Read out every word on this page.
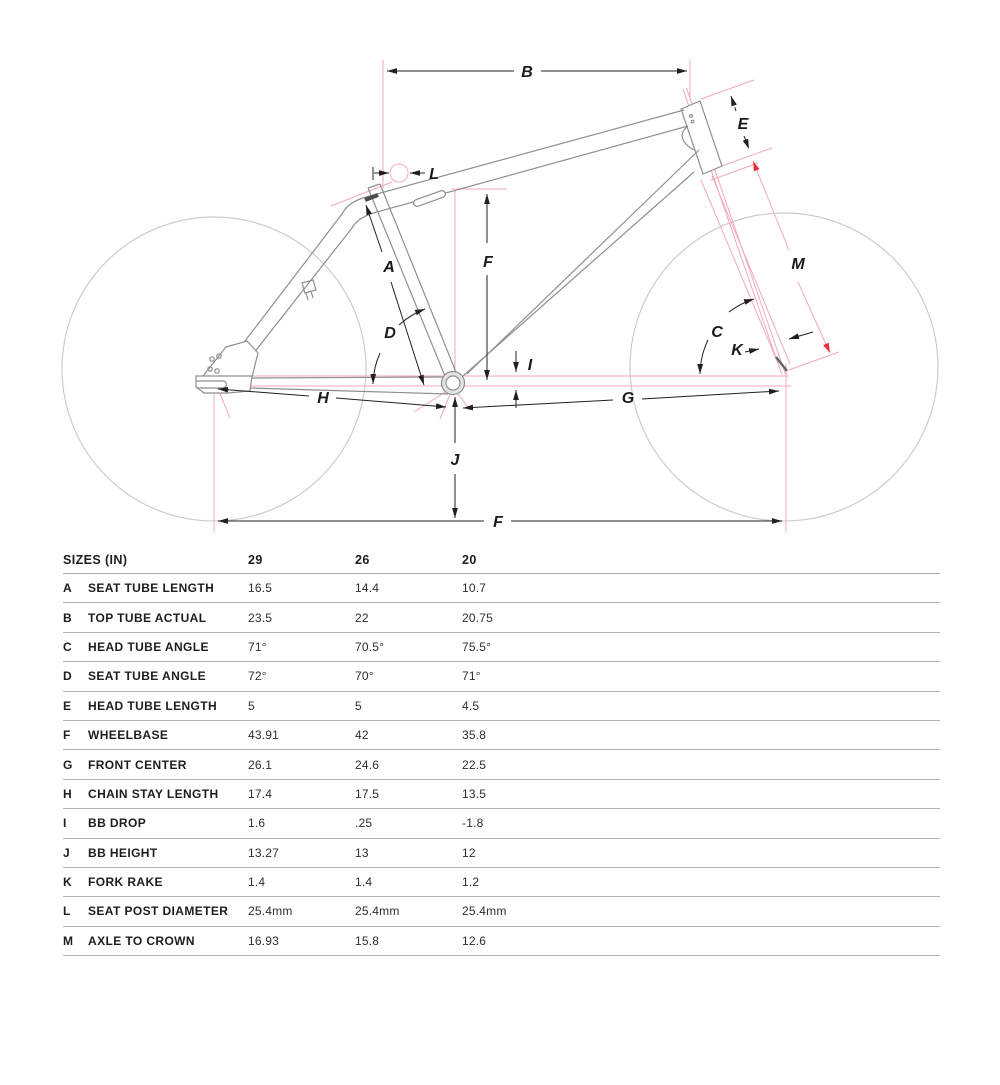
A
B
C
D
E
F
F
G
H
I
J
K
L
M
SIZES (IN)	29	26	20
A	SEAT TUBE LENGTH	16.5	14.4	10.7
B	TOP TUBE ACTUAL	23.5	22	20.75
C	HEAD TUBE ANGLE	71°	70.5°	75.5°
D	SEAT TUBE ANGLE	72°	70°	71°
E	HEAD TUBE LENGTH	5	5	4.5
F	WHEELBASE	43.91	42	35.8
G	FRONT CENTER	26.1	24.6	22.5
H	CHAIN STAY LENGTH	17.4	17.5	13.5
I	BB DROP	1.6	.25	-1.8
J	BB HEIGHT	13.27	13	12
K	FORK RAKE	1.4	1.4	1.2
L	SEAT POST DIAMETER	25.4mm	25.4mm	25.4mm
M	AXLE TO CROWN	16.93	15.8	12.6
